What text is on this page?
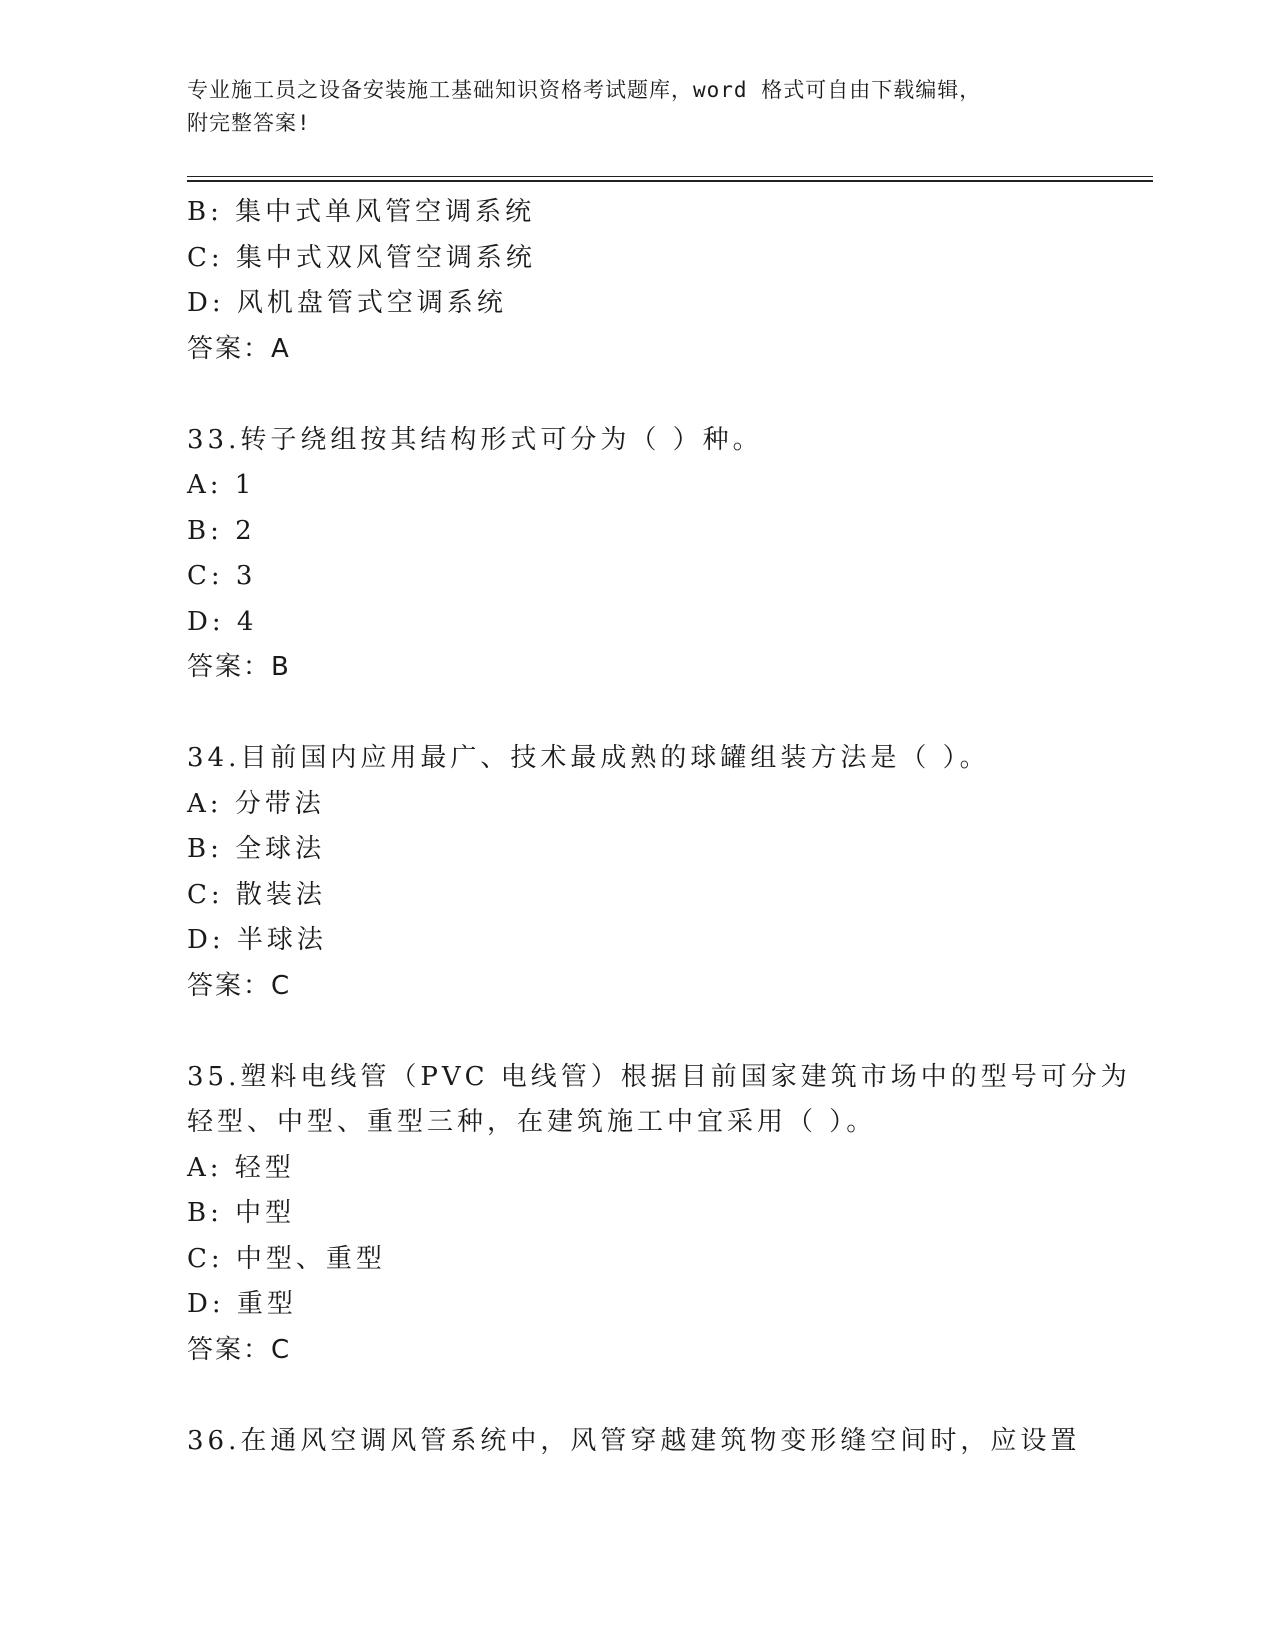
专业施工员之设备安装施工基础知识资格考试题库，word 格式可自由下载编辑，
附完整答案!
B: 集中式单风管空调系统
C: 集中式双风管空调系统
D: 风机盘管式空调系统
答案：A
33.转子绕组按其结构形式可分为（ ）种。
A: 1
B: 2
C: 3
D: 4
答案：B
34.目前国内应用最广、技术最成熟的球罐组装方法是（ ）。
A: 分带法
B: 全球法
C: 散装法
D: 半球法
答案：C
35.塑料电线管（PVC 电线管）根据目前国家建筑市场中的型号可分为
轻型、中型、重型三种，在建筑施工中宜采用（ ）。
A: 轻型
B: 中型
C: 中型、重型
D: 重型
答案：C
36.在通风空调风管系统中，风管穿越建筑物变形缝空间时，应设置
